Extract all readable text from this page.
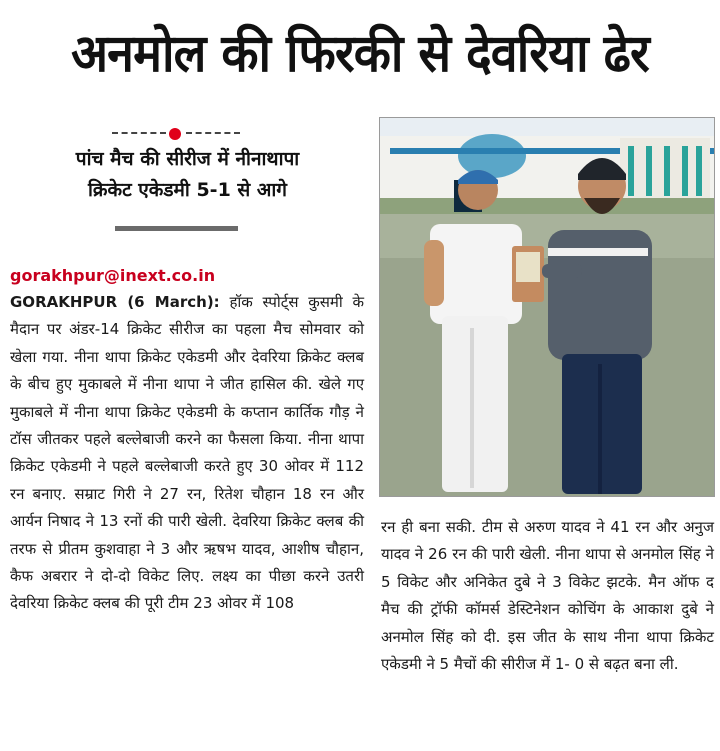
अनमोल की फिरकी से देवरिया ढेर
पांच मैच की सीरीज में नीनाथापा
क्रिकेट एकेडमी 5-1 से आगे
gorakhpur@inext.co.in
GORAKHPUR (6 March): हॉक स्पोर्ट्स कुसमी के मैदान पर अंडर-14 क्रिकेट सीरीज का पहला मैच सोमवार को खेला गया. नीना थापा क्रिकेट एकेडमी और देवरिया क्रिकेट क्लब के बीच हुए मुकाबले में नीना थापा ने जीत हासिल की. खेले गए मुकाबले में नीना थापा क्रिकेट एकेडमी के कप्तान कार्तिक गौड़ ने टॉस जीतकर पहले बल्लेबाजी करने का फैसला किया. नीना थापा क्रिकेट एकेडमी ने पहले बल्लेबाजी करते हुए 30 ओवर में 112 रन बनाए. सम्राट गिरी ने 27 रन, रितेश चौहान 18 रन और आर्यन निषाद ने 13 रनों की पारी खेली. देवरिया क्रिकेट क्लब की तरफ से प्रीतम कुशवाहा ने 3 और ऋषभ यादव, आशीष चौहान, कैफ अबरार ने दो-दो विकेट लिए. लक्ष्य का पीछा करने उतरी देवरिया क्रिकेट क्लब की पूरी टीम 23 ओवर में 108
रन ही बना सकी. टीम से अरुण यादव ने 41 रन और अनुज यादव ने 26 रन की पारी खेली. नीना थापा से अनमोल सिंह ने 5 विकेट और अनिकेत दुबे ने 3 विकेट झटके. मैन ऑफ द मैच की ट्रॉफी कॉमर्स डेस्टिनेशन कोचिंग के आकाश दुबे ने अनमोल सिंह को दी. इस जीत के साथ नीना थापा क्रिकेट एकेडमी ने 5 मैचों की सीरीज में 1- 0 से बढ़त बना ली.
